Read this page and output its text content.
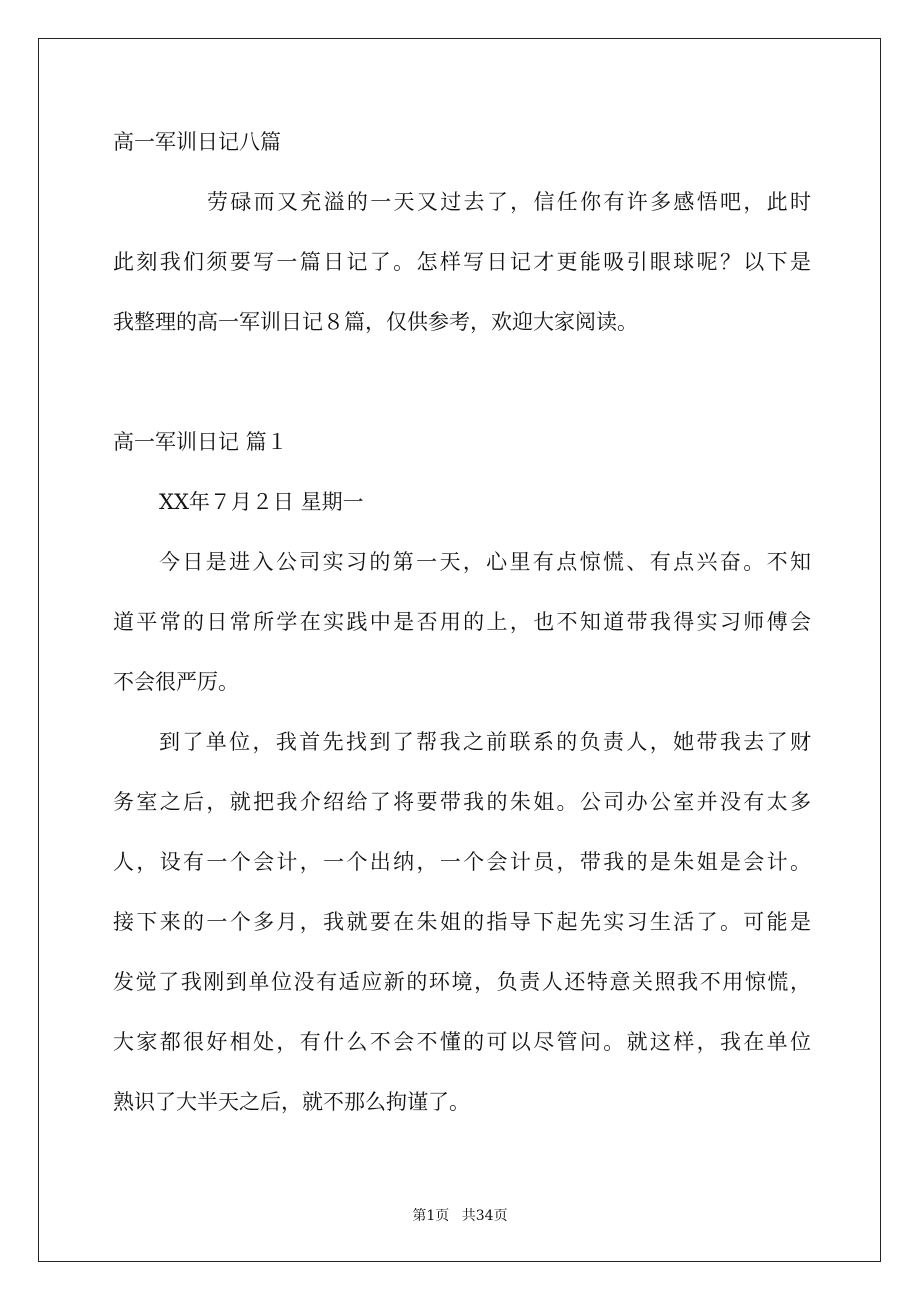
高一军训日记八篇
劳碌而又充溢的一天又过去了，信任你有许多感悟吧，此时
此刻我们须要写一篇日记了。怎样写日记才更能吸引眼球呢？以下是
我整理的高一军训日记８篇，仅供参考，欢迎大家阅读。
高一军训日记 篇１
XX年７月２日 星期一
今日是进入公司实习的第一天，心里有点惊慌、有点兴奋。不知
道平常的日常所学在实践中是否用的上，也不知道带我得实习师傅会
不会很严厉。
到了单位，我首先找到了帮我之前联系的负责人，她带我去了财
务室之后，就把我介绍给了将要带我的朱姐。公司办公室并没有太多
人，设有一个会计，一个出纳，一个会计员，带我的是朱姐是会计。
接下来的一个多月，我就要在朱姐的指导下起先实习生活了。可能是
发觉了我刚到单位没有适应新的环境，负责人还特意关照我不用惊慌，
大家都很好相处，有什么不会不懂的可以尽管问。就这样，我在单位
熟识了大半天之后，就不那么拘谨了。
第1页 共34页
